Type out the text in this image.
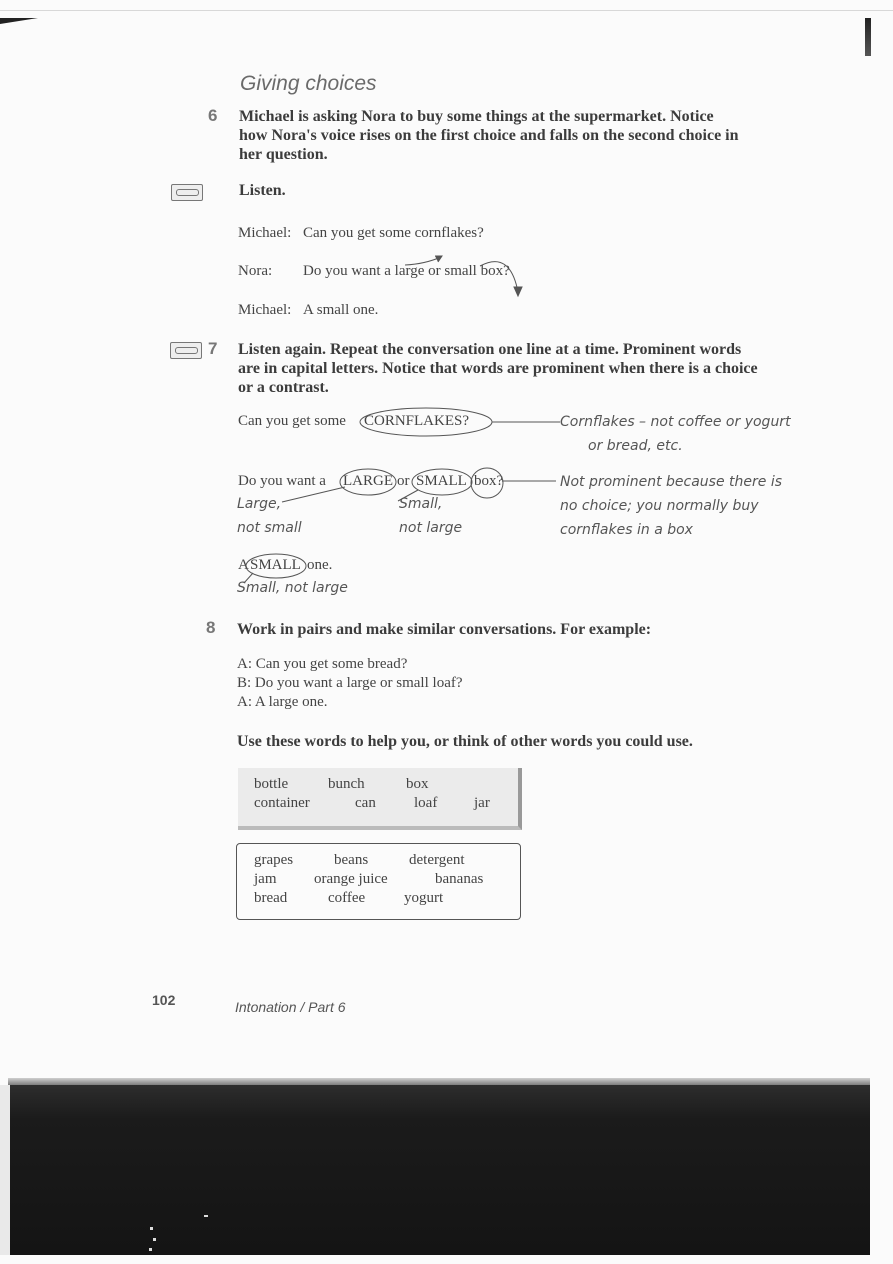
Giving choices
6 Michael is asking Nora to buy some things at the supermarket. Notice
how Nora's voice rises on the first choice and falls on the second choice in
her question.
Listen.
Michael: Can you get some cornflakes?
Nora: Do you want a large or small box?
Michael: A small one.
7 Listen again. Repeat the conversation one line at a time. Prominent words
are in capital letters. Notice that words are prominent when there is a choice
or a contrast.
Can you get some CORNFLAKES?	Cornflakes – not coffee or yogurt
or bread, etc.
Do you want a LARGE or SMALL box?	Not prominent because there is
no choice; you normally buy
cornflakes in a box
Large,
not small
Small,
not large
A SMALL one.
Small, not large
8 Work in pairs and make similar conversations. For example:
A: Can you get some bread?
B: Do you want a large or small loaf?
A: A large one.
Use these words to help you, or think of other words you could use.
bottle	bunch	box
container	can	loaf jar
grapes	beans	detergent
jam	orange juice	bananas
bread	coffee	yogurt
102	Intonation / Part 6
